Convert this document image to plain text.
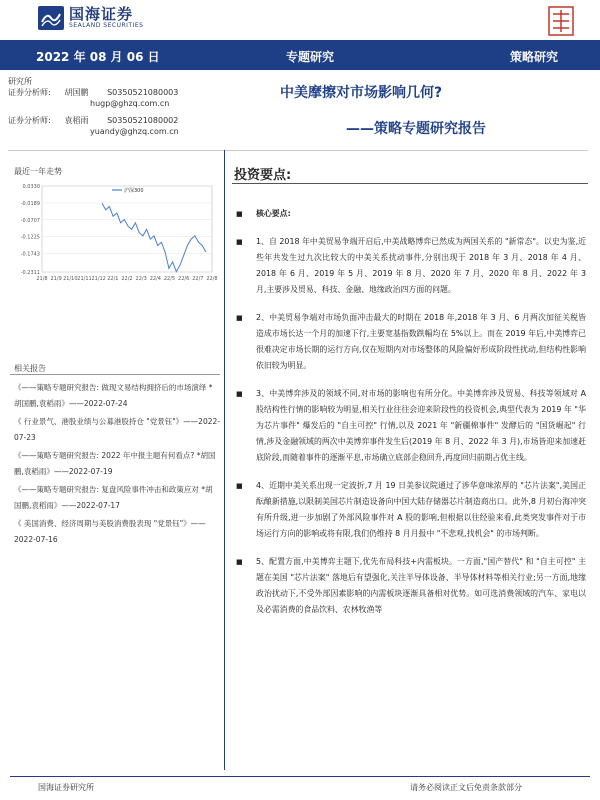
国海证券
SEALAND SECURITIES
2022 年 08 月 06 日	专题研究	策略研究
研究所
证券分析师: 胡国鹏 S0350521080003
hugp@ghzq.com.cn
证券分析师: 袁稻雨 S0350521080002
yuandy@ghzq.com.cn
中美摩擦对市场影响几何?
——策略专题研究报告
最近一年走势
0.0330
-0.0189
-0.0707
-0.1225
-0.1743
-0.2311
21/8 21/9 21/10 21/11 21/12 22/1 22/2 22/3 22/4 22/5 22/6 22/7 22/8
沪深300
相关报告
《——策略专题研究报告: 做现文易结构拥挤后的市场演绎 *胡国鹏,袁稻雨》——2022-07-24
《 行业景气、港股业绩与公募港股持仓 "党景钰"》——2022-07-23
《——策略专题研究报告: 2022 年中报主题有何看点? *胡国鹏,袁稻雨》——2022-07-19
《——策略专题研究报告: 复盘风险事件冲击和政策应对 *胡国鹏,袁稻雨》——2022-07-17
《 美国消费、经济周期与美股消费股表现 "党景钰"》——2022-07-16
投资要点:
■	核心要点:
■	1、自 2018 年中美贸易争端开启后,中美战略博弈已然成为两国关系的 "新常态"。以史为鉴,近些年共发生过九次比较大的中美关系扰动事件,分别出现于 2018 年 3 月、2018 年 4 月、2018 年 6 月、2019 年 5 月、2019 年 8 月、2020 年 7 月、2020 年 8 月、2022 年 3 月,主要涉及贸易、科技、金融、地缘政治四方面的问题。
■	2、中美贸易争端对市场负面冲击最大的时期在 2018 年,2018 年 3 月、6 月两次加征关税皆造成市场长达一个月的加速下行,主要宽基指数跌幅均在 5%以上。而在 2019 年后,中美博弈已很难决定市场长期的运行方向,仅在短期内对市场整体的风险偏好形成阶段性扰动,但结构性影响依旧较为明显。
■	3、中美博弈涉及的领域不同,对市场的影响也有所分化。中美博弈涉及贸易、科技等领域对 A 股结构性行情的影响较为明显,相关行业往往会迎来阶段性的投资机会,典型代表为 2019 年 "华为芯片事件" 爆发后的 "自主可控" 行情,以及 2021 年 "新疆棉事件" 发酵后的 "国货崛起" 行情,涉及金融领域的两次中美博弈事件发生后(2019 年 8 月、2022 年 3 月),市场皆迎来加速赶底阶段,而随着事件的逐渐平息,市场确立底部企稳回升,再度回归前期占优主线。
■	4、近期中美关系出现一定波折,7 月 19 日美参议院通过了涉华意味浓厚的 "芯片法案",美国正酝酿新措施,以限制美国芯片制造设备向中国大陆存储器芯片制造商出口。此外,8 月初台海冲突有所升级,进一步加剧了外部风险事件对 A 股的影响,但根据以往经验来看,此类突发事件对于市场运行方向的影响或将有限,我们仍维持 8 月月报中 "不悲观,找机会" 的市场判断。
■	5、配置方面,中美博弈主题下,优先布局科技+内需板块。一方面,"国产替代" 和 "自主可控" 主题在美国 "芯片法案" 落地后有望强化,关注半导体设备、半导体材料等相关行业;另一方面,地缘政治扰动下,不受外部因素影响的内需板块逐渐具备相对优势。如可选消费领域的汽车、家电以及必需消费的食品饮料、农林牧渔等
国海证券研究所	请务必阅读正文后免责条款部分
